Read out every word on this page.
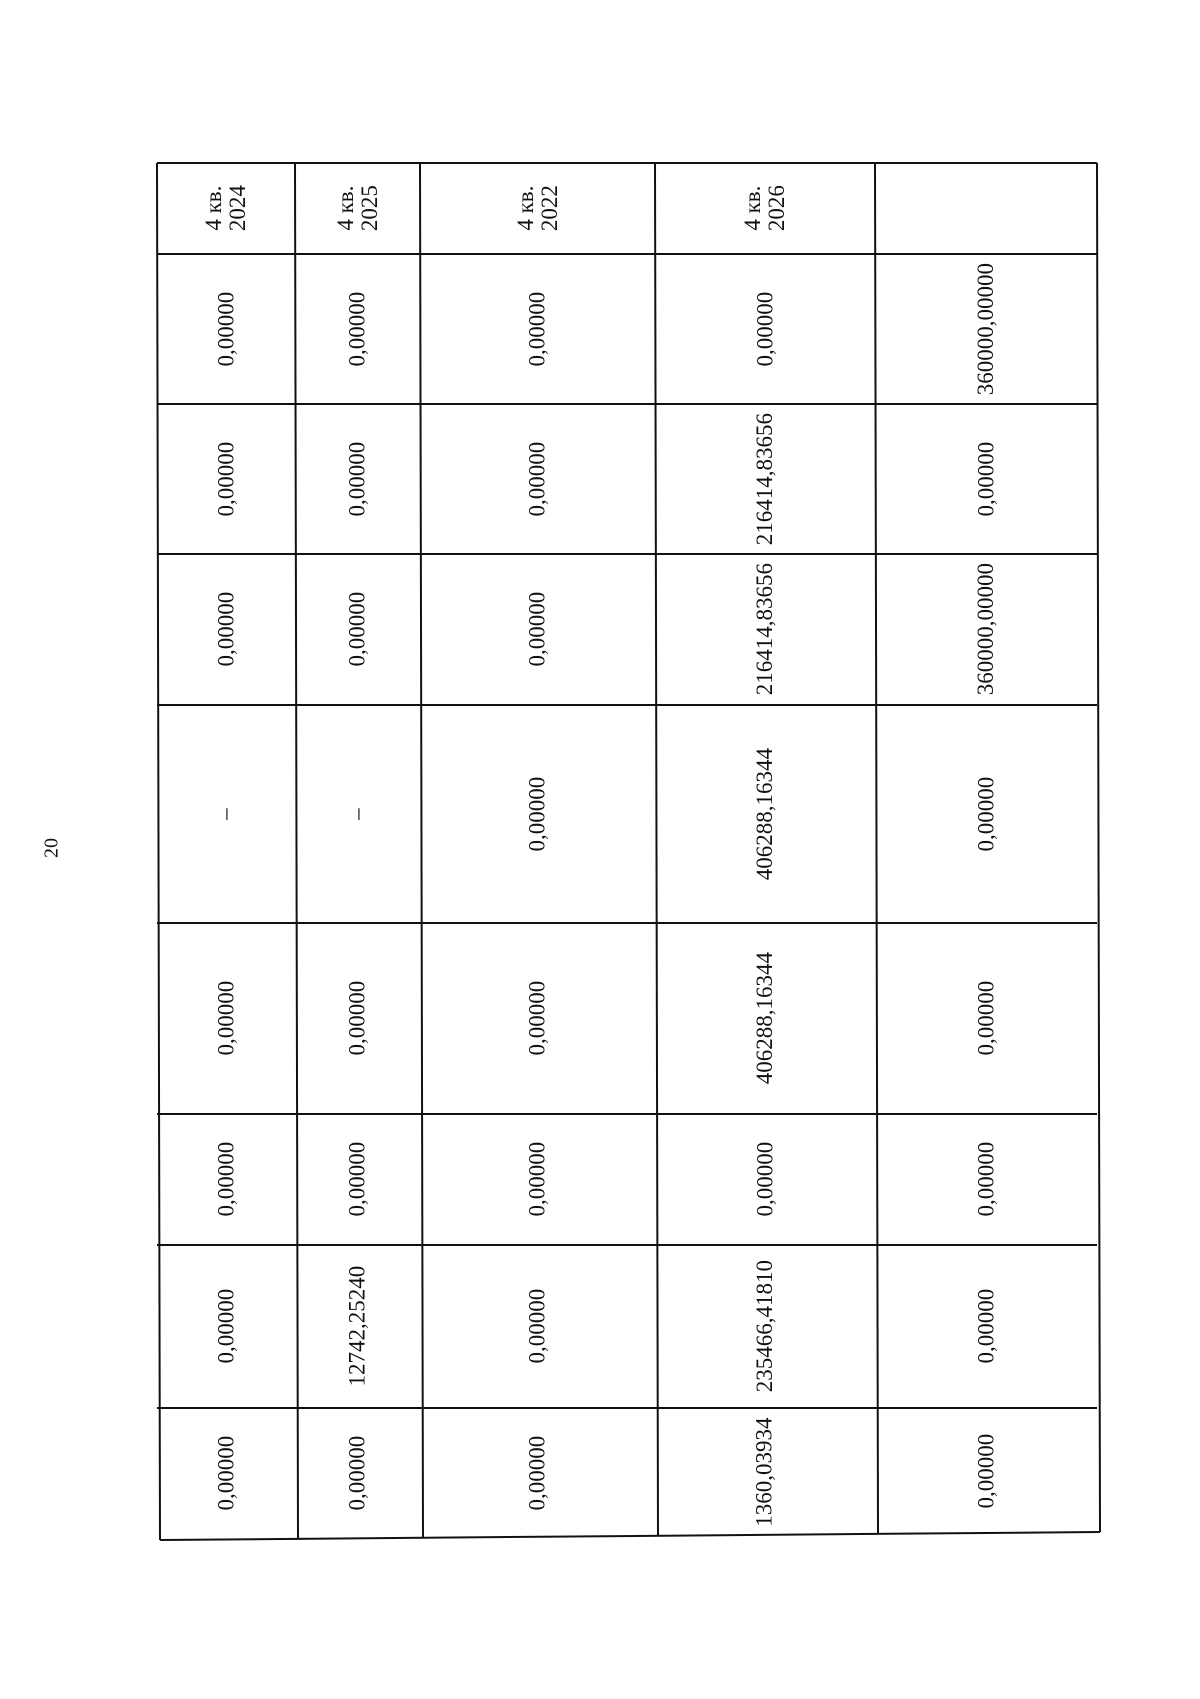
20
4 кв. 2024
0,00000
0,00000
0,00000
–
0,00000
0,00000
0,00000
0,00000
4 кв. 2025
0,00000
0,00000
0,00000
–
0,00000
0,00000
12742,25240
0,00000
4 кв. 2022
0,00000
0,00000
0,00000
0,00000
0,00000
0,00000
0,00000
0,00000
4 кв. 2026
0,00000
216414,83656
216414,83656
406288,16344
406288,16344
0,00000
235466,41810
1360,03934
360000,00000
0,00000
360000,00000
0,00000
0,00000
0,00000
0,00000
0,00000
